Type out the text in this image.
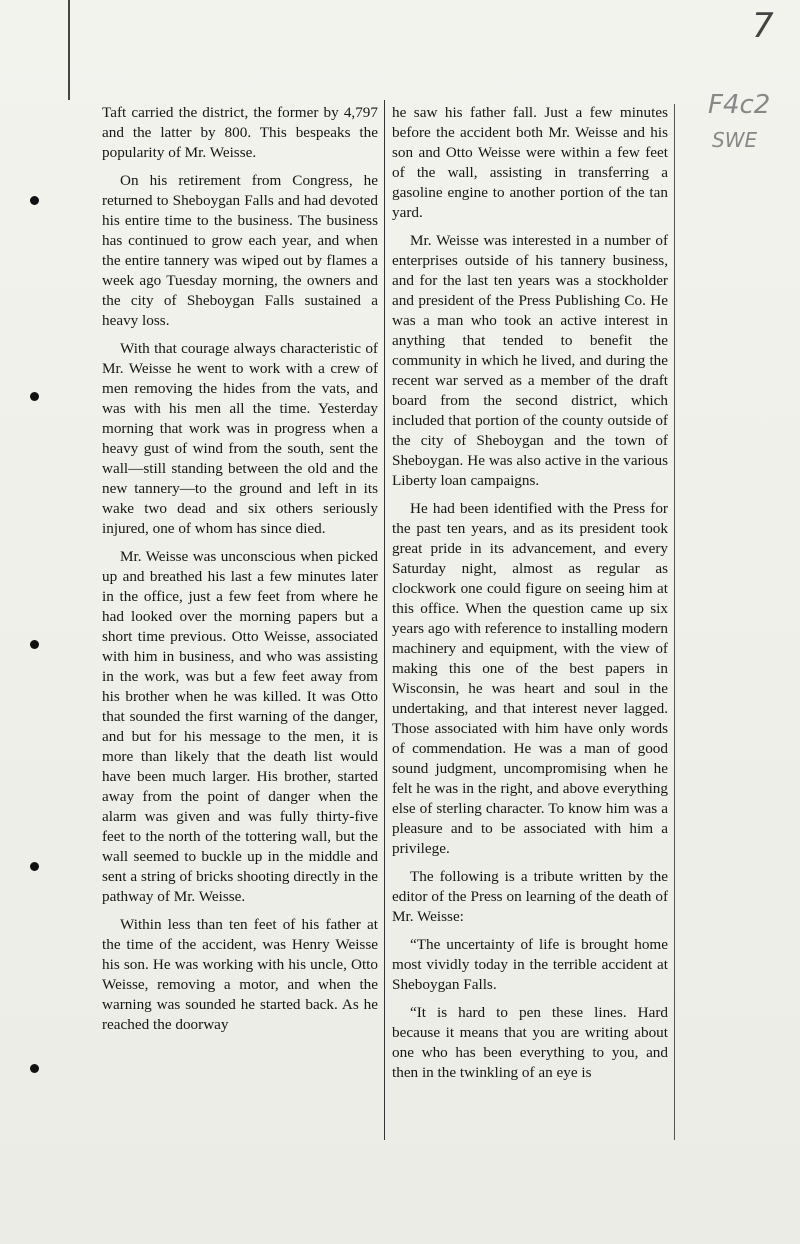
7
F4c2
SWE

Taft carried the district, the former by 4,797 and the latter by 800. This bespeaks the popularity of Mr. Weisse.

On his retirement from Congress, he returned to Sheboygan Falls and had devoted his entire time to the business. The business has continued to grow each year, and when the entire tannery was wiped out by flames a week ago Tuesday morning, the owners and the city of Sheboygan Falls sustained a heavy loss.

With that courage always characteristic of Mr. Weisse he went to work with a crew of men removing the hides from the vats, and was with his men all the time. Yesterday morning that work was in progress when a heavy gust of wind from the south, sent the wall—still standing between the old and the new tannery—to the ground and left in its wake two dead and six others seriously injured, one of whom has since died.

Mr. Weisse was unconscious when picked up and breathed his last a few minutes later in the office, just a few feet from where he had looked over the morning papers but a short time previous. Otto Weisse, associated with him in business, and who was assisting in the work, was but a few feet away from his brother when he was killed. It was Otto that sounded the first warning of the danger, and but for his message to the men, it is more than likely that the death list would have been much larger. His brother, started away from the point of danger when the alarm was given and was fully thirty-five feet to the north of the tottering wall, but the wall seemed to buckle up in the middle and sent a string of bricks shooting directly in the pathway of Mr. Weisse.

Within less than ten feet of his father at the time of the accident, was Henry Weisse his son. He was working with his uncle, Otto Weisse, removing a motor, and when the warning was sounded he started back. As he reached the doorway

he saw his father fall. Just a few minutes before the accident both Mr. Weisse and his son and Otto Weisse were within a few feet of the wall, assisting in transferring a gasoline engine to another portion of the tan yard.

Mr. Weisse was interested in a number of enterprises outside of his tannery business, and for the last ten years was a stockholder and president of the Press Publishing Co. He was a man who took an active interest in anything that tended to benefit the community in which he lived, and during the recent war served as a member of the draft board from the second district, which included that portion of the county outside of the city of Sheboygan and the town of Sheboygan. He was also active in the various Liberty loan campaigns.

He had been identified with the Press for the past ten years, and as its president took great pride in its advancement, and every Saturday night, almost as regular as clockwork one could figure on seeing him at this office. When the question came up six years ago with reference to installing modern machinery and equipment, with the view of making this one of the best papers in Wisconsin, he was heart and soul in the undertaking, and that interest never lagged. Those associated with him have only words of commendation. He was a man of good sound judgment, uncompromising when he felt he was in the right, and above everything else of sterling character. To know him was a pleasure and to be associated with him a privilege.

The following is a tribute written by the editor of the Press on learning of the death of Mr. Weisse:

“The uncertainty of life is brought home most vividly today in the terrible accident at Sheboygan Falls.

“It is hard to pen these lines. Hard because it means that you are writing about one who has been everything to you, and then in the twinkling of an eye is
